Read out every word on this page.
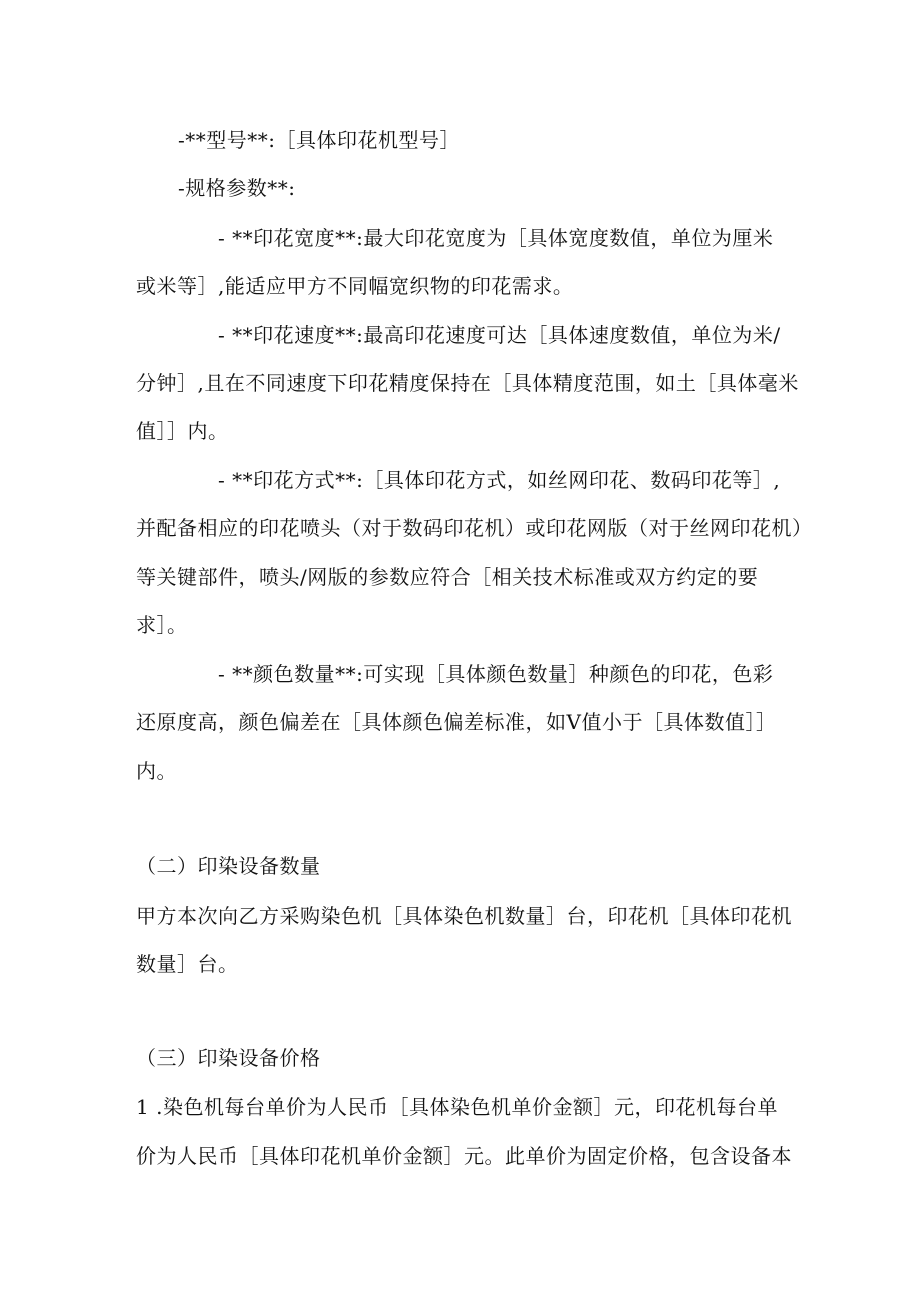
-**型号**:［具体印花机型号］
-规格参数**:
- **印花宽度**:最大印花宽度为［具体宽度数值，单位为厘米
或米等］,能适应甲方不同幅宽织物的印花需求。
- **印花速度**:最高印花速度可达［具体速度数值，单位为米/
分钟］,且在不同速度下印花精度保持在［具体精度范围，如土［具体毫米
值］］内。
- **印花方式**:［具体印花方式，如丝网印花、数码印花等］,
并配备相应的印花喷头（对于数码印花机）或印花网版（对于丝网印花机）
等关键部件，喷头/网版的参数应符合［相关技术标准或双方约定的要
求］。
- **颜色数量**:可实现［具体颜色数量］种颜色的印花，色彩
还原度高，颜色偏差在［具体颜色偏差标准，如V值小于［具体数值］］
内。
（二）印染设备数量
甲方本次向乙方采购染色机［具体染色机数量］台，印花机［具体印花机
数量］台。
（三）印染设备价格
1 .染色机每台单价为人民币［具体染色机单价金额］元，印花机每台单
价为人民币［具体印花机单价金额］元。此单价为固定价格，包含设备本
